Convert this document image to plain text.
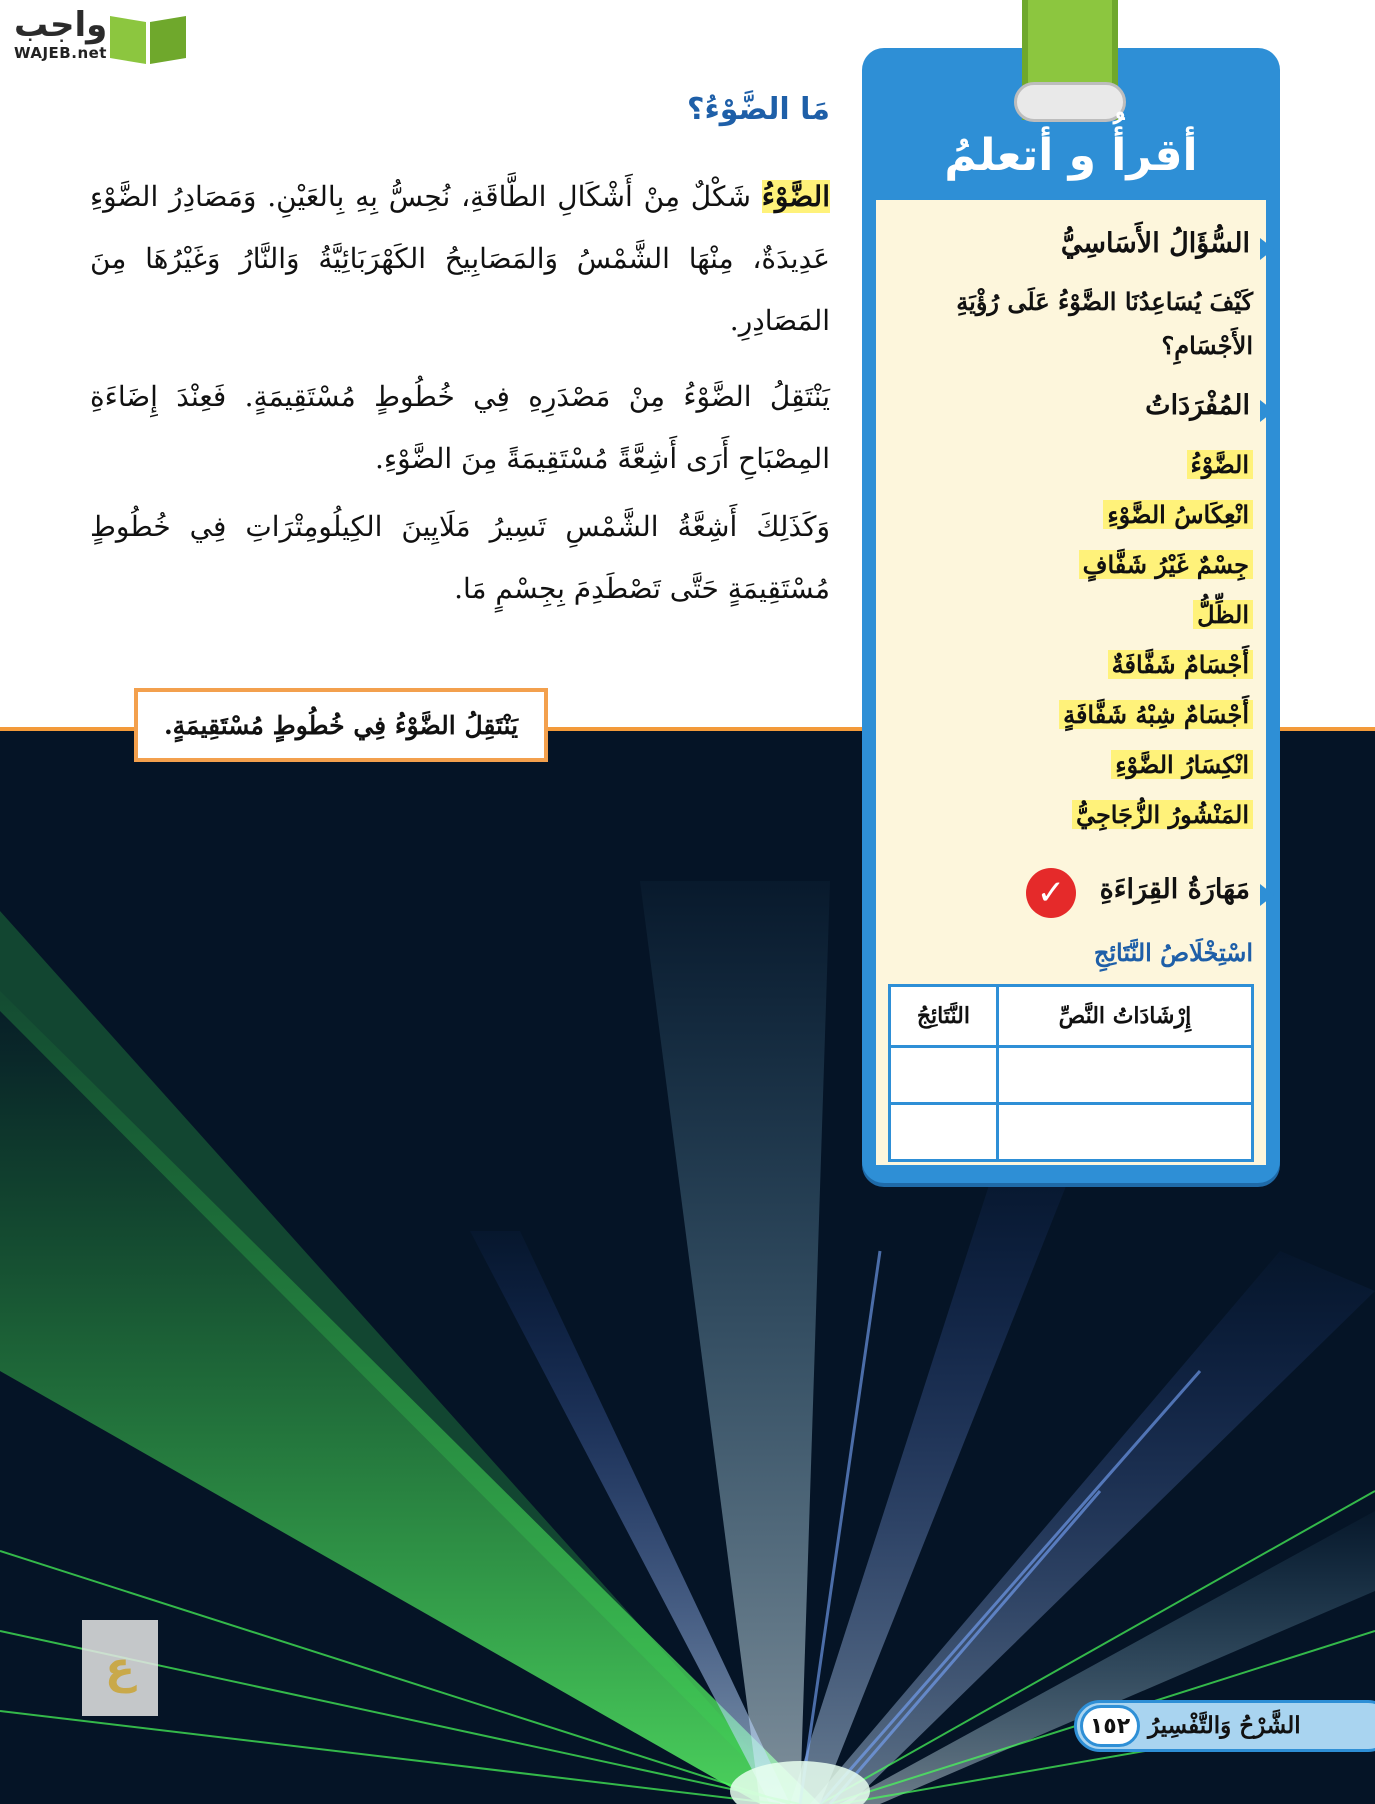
واجب
WAJEB.net
مَا الضَّوْءُ؟

الضَّوْءُ شَكْلٌ مِنْ أَشْكَالِ الطَّاقَةِ، نُحِسُّ بِهِ بِالعَيْنِ. وَمَصَادِرُ الضَّوْءِ عَدِيدَةٌ، مِنْهَا الشَّمْسُ وَالمَصَابِيحُ الكَهْرَبَائِيَّةُ وَالنَّارُ وَغَيْرُهَا مِنَ المَصَادِرِ.

يَنْتَقِلُ الضَّوْءُ مِنْ مَصْدَرِهِ فِي خُطُوطٍ مُسْتَقِيمَةٍ. فَعِنْدَ إِضَاءَةِ المِصْبَاحِ أَرَى أَشِعَّةً مُسْتَقِيمَةً مِنَ الضَّوْءِ.

وَكَذَلِكَ أَشِعَّةُ الشَّمْسِ تَسِيرُ مَلَايِينَ الكِيلُومِتْرَاتِ فِي خُطُوطٍ مُسْتَقِيمَةٍ حَتَّى تَصْطَدِمَ بِجِسْمٍ مَا.

يَنْتَقِلُ الضَّوْءُ فِي خُطُوطٍ مُسْتَقِيمَةٍ.
أقرأُ و أتعلمُ
السُّؤَالُ الأَسَاسِيُّ
كَيْفَ يُسَاعِدُنَا الضَّوْءُ عَلَى رُؤْيَةِ الأَجْسَامِ؟
المُفْرَدَاتُ
الضَّوْءُ
انْعِكَاسُ الضَّوْءِ
جِسْمٌ غَيْرُ شَفَّافٍ
الظِّلُّ
أَجْسَامٌ شَفَّافَةٌ
أَجْسَامٌ شِبْهُ شَفَّافَةٍ
انْكِسَارُ الضَّوْءِ
المَنْشُورُ الزُّجَاجِيُّ
مَهَارَةُ القِرَاءَةِ
✓
اسْتِخْلَاصُ النَّتَائِجِ
إِرْشَادَاتُ النَّصِّ	النَّتَائِجُ

١٥٢ الشَّرْحُ وَالتَّفْسِيرُ
ع
